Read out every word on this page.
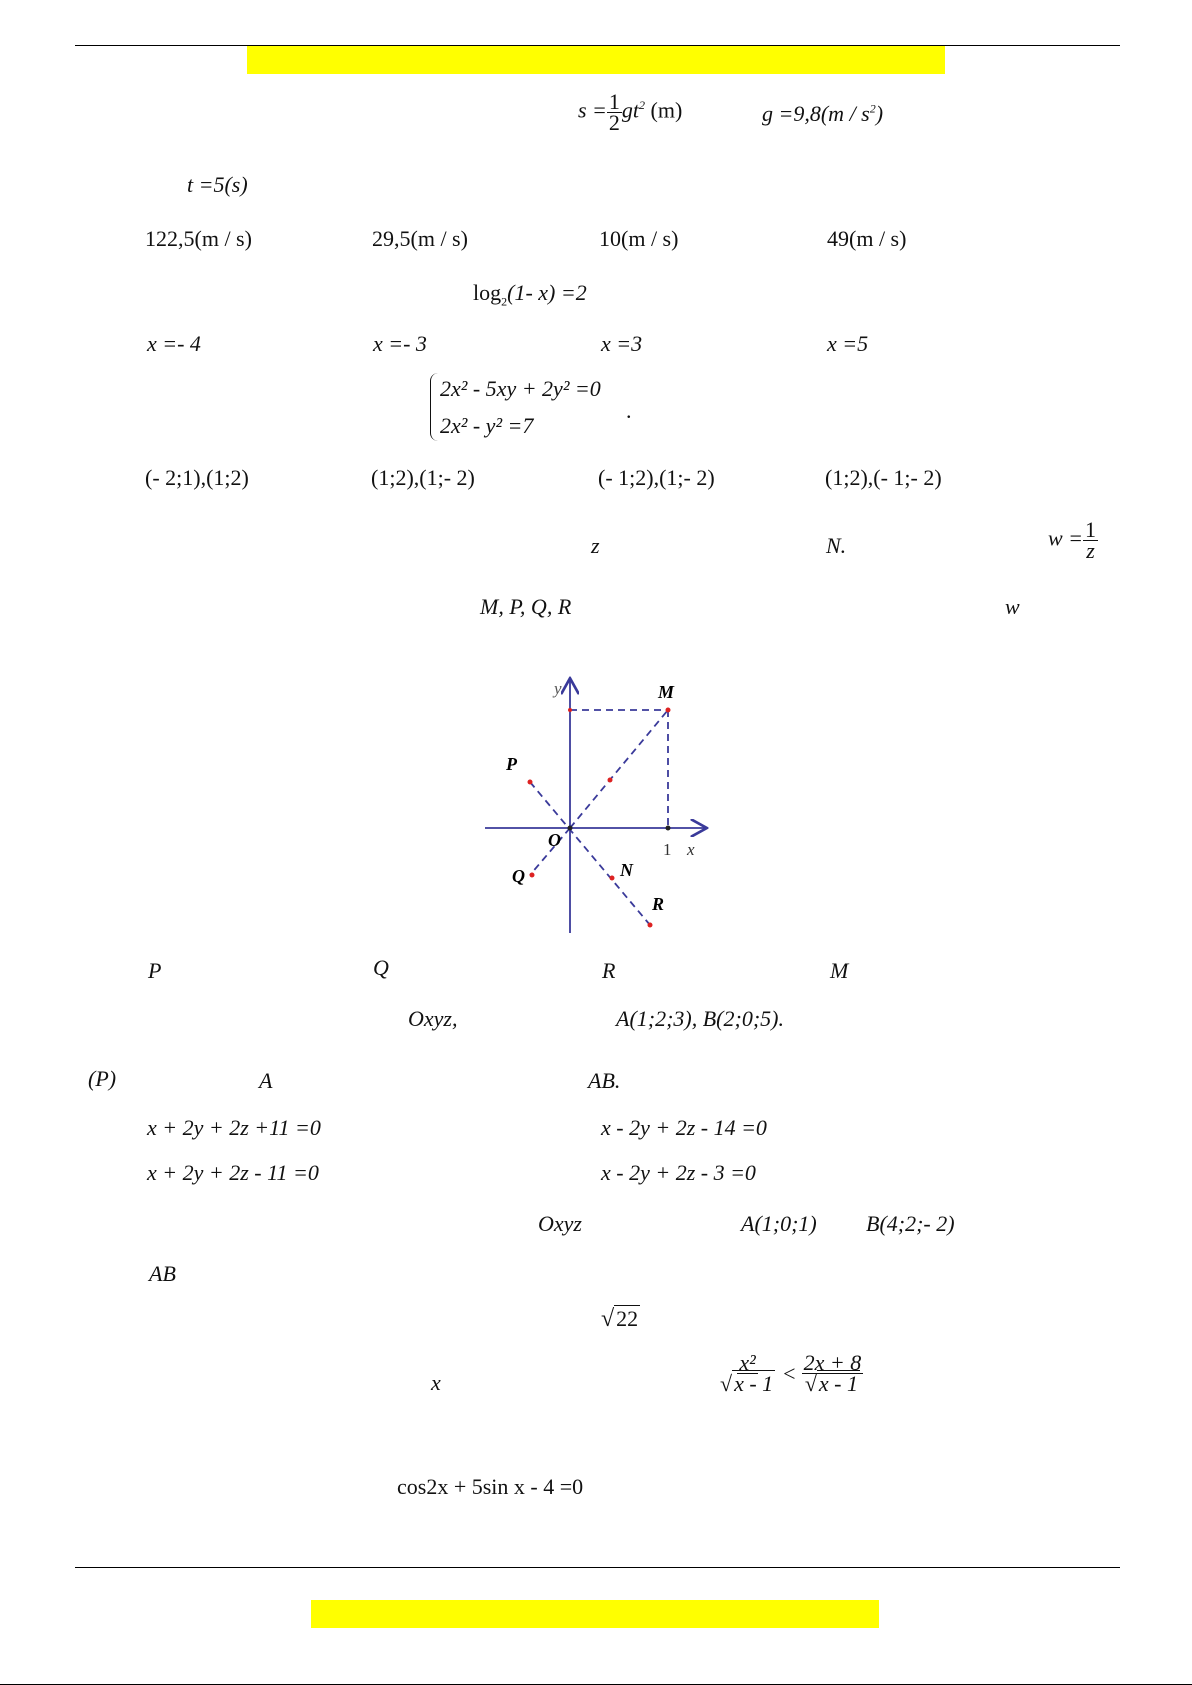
$s = \frac{1}{2} gt^2$ (m)	$g =9,8(m / s^2)$
t =5(s)
122,5(m / s)	29,5(m / s)	10(m / s)	49(m / s)
$\log_2(1-$ x) =2
x =- 4	x =- 3	x =3	x =5
2x² - 5xy + 2y² =0
2x² - y² =7
.
(- 2;1),(1;2)	(1;2),(1;- 2)	(- 1;2),(1;- 2)	(1;2),(- 1;- 2)
z	N.	$w = \frac{1}{z}$
M, P, Q, R	w
y
x
1
M
P
O
Q	N
R
P	Q	R	M
Oxyz,	A(1;2;3), B(2;0;5).
(P)	A	AB.
x + 2y + 2z +11 =0	x - 2y + 2z - 14 =0
x + 2y + 2z - 11 =0	x - 2y + 2z - 3 =0
Oxyz	A(1;0;1) B(4;2;- 2)
AB
√22
x	$\frac{\text{x²}}{√x - 1} < \frac{2x + 8}{√x - 1}$
cos2x + 5sin x - 4 =0
